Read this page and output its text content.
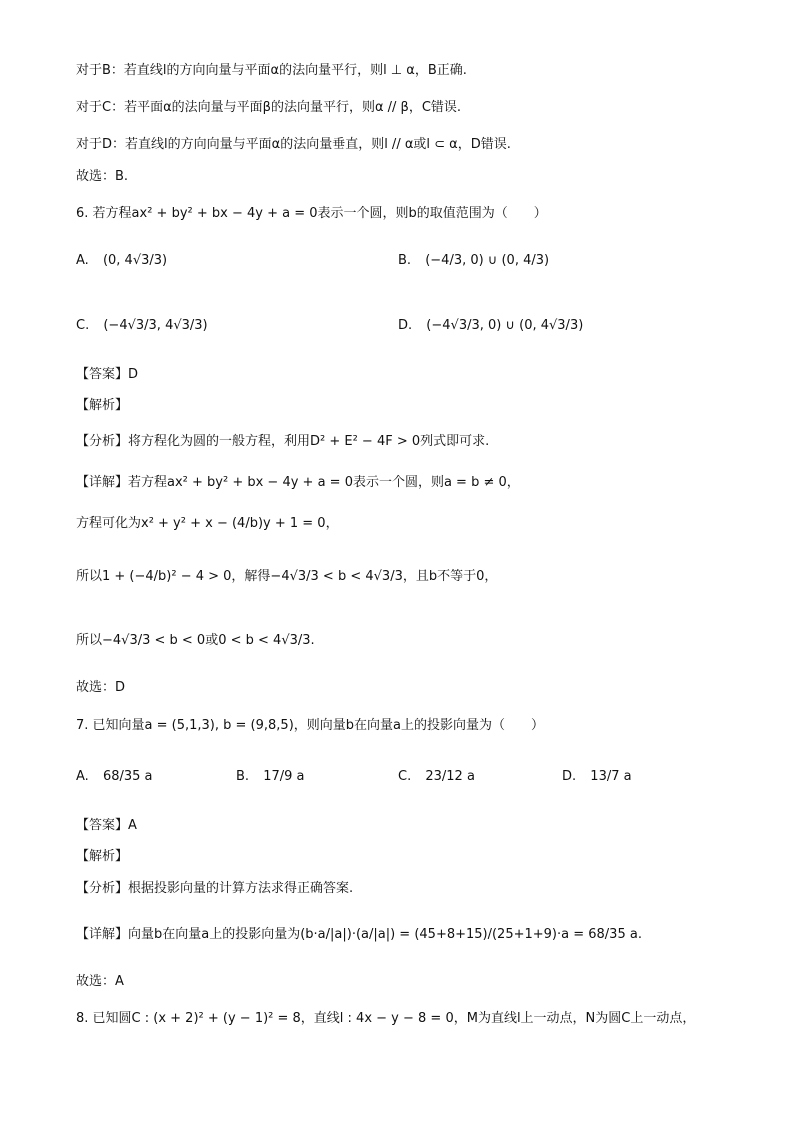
对于B：若直线l的方向向量与平面α的法向量平行，则l ⊥ α，B正确.
对于C：若平面α的法向量与平面β的法向量平行，则α // β，C错误.
对于D：若直线l的方向向量与平面α的法向量垂直，则l // α或l ⊂ α，D错误.
故选：B.
6. 若方程ax² + by² + bx − 4y + a = 0表示一个圆，则b的取值范围为（　　）
A. (0, 4√3/3)	B. (−4/3, 0) ∪ (0, 4/3)
C. (−4√3/3, 4√3/3)	D. (−4√3/3, 0) ∪ (0, 4√3/3)
【答案】D
【解析】
【分析】将方程化为圆的一般方程，利用D² + E² − 4F > 0列式即可求.
【详解】若方程ax² + by² + bx − 4y + a = 0表示一个圆，则a = b ≠ 0，
方程可化为x² + y² + x − (4/b)y + 1 = 0，
所以1 + (−4/b)² − 4 > 0，解得−4√3/3 < b < 4√3/3，且b不等于0，
所以−4√3/3 < b < 0或0 < b < 4√3/3.
故选：D
7. 已知向量a = (5,1,3), b = (9,8,5)，则向量b在向量a上的投影向量为（　　）
A. 68/35 a	B. 17/9 a	C. 23/12 a	D. 13/7 a
【答案】A
【解析】
【分析】根据投影向量的计算方法求得正确答案.
【详解】向量b在向量a上的投影向量为(b·a/|a|)·(a/|a|) = (45+8+15)/(25+1+9)·a = 68/35 a.
故选：A
8. 已知圆C : (x + 2)² + (y − 1)² = 8，直线l : 4x − y − 8 = 0，M为直线l上一动点，N为圆C上一动点，
